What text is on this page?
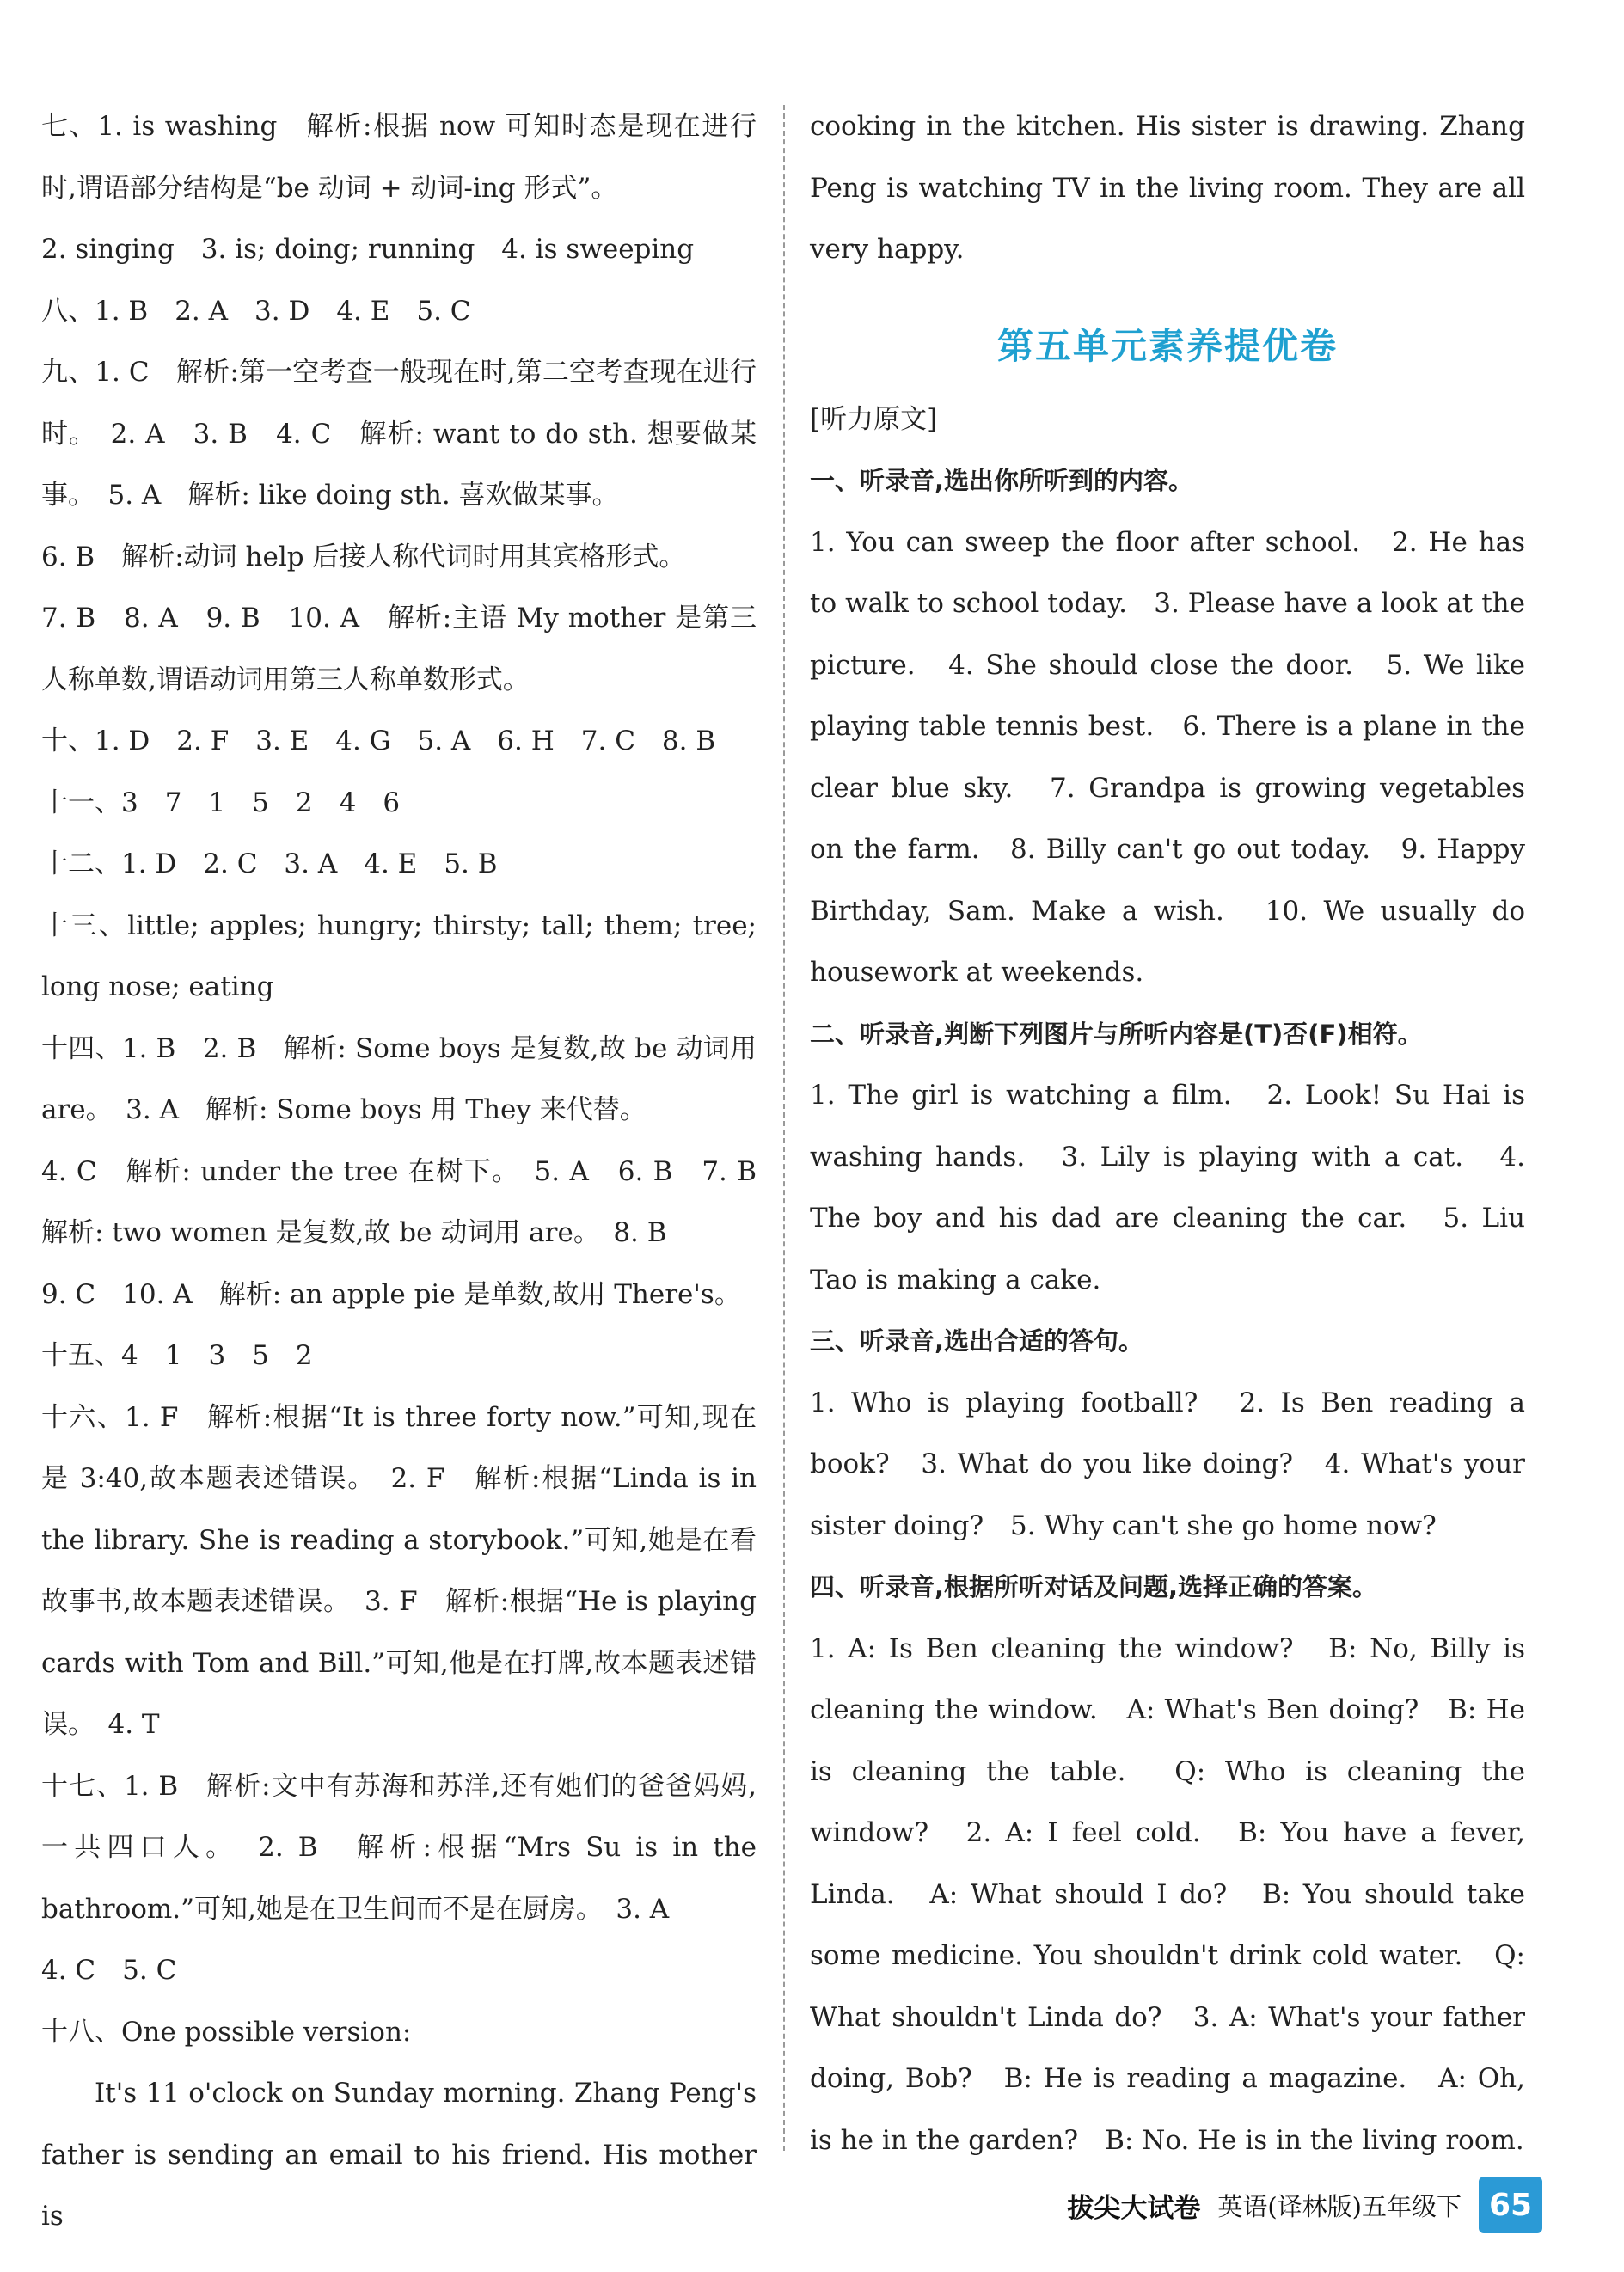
七、1. is washing　解析:根据 now 可知时态是现在进行时,谓语部分结构是“be 动词 + 动词-ing 形式”。
2. singing　3. is; doing; running　4. is sweeping
八、1. B　2. A　3. D　4. E　5. C
九、1. C　解析:第一空考查一般现在时,第二空考查现在进行时。　2. A　3. B　4. C　解析: want to do sth. 想要做某事。　5. A　解析: like doing sth. 喜欢做某事。
6. B　解析:动词 help 后接人称代词时用其宾格形式。
7. B　8. A　9. B　10. A　解析:主语 My mother 是第三人称单数,谓语动词用第三人称单数形式。
十、1. D　2. F　3. E　4. G　5. A　6. H　7. C　8. B
十一、3　7　1　5　2　4　6
十二、1. D　2. C　3. A　4. E　5. B
十三、little; apples; hungry; thirsty; tall; them; tree; long nose; eating
十四、1. B　2. B　解析: Some boys 是复数,故 be 动词用 are。　3. A　解析: Some boys 用 They 来代替。
4. C　解析: under the tree 在树下。　5. A　6. B　7. B　解析: two women 是复数,故 be 动词用 are。　8. B
9. C　10. A　解析: an apple pie 是单数,故用 There's。
十五、4　1　3　5　2
十六、1. F　解析:根据“It is three forty now.”可知,现在是 3:40,故本题表述错误。　2. F　解析:根据“Linda is in the library. She is reading a storybook.”可知,她是在看故事书,故本题表述错误。　3. F　解析:根据“He is playing cards with Tom and Bill.”可知,他是在打牌,故本题表述错误。　4. T
十七、1. B　解析:文中有苏海和苏洋,还有她们的爸爸妈妈,一共四口人。　2. B　解析:根据“Mrs Su is in the bathroom.”可知,她是在卫生间而不是在厨房。　3. A
4. C　5. C
十八、One possible version:
It's 11 o'clock on Sunday morning. Zhang Peng's father is sending an email to his friend. His mother is
cooking in the kitchen. His sister is drawing. Zhang Peng is watching TV in the living room. They are all very happy.
第五单元素养提优卷
[听力原文]
一、听录音,选出你所听到的内容。
1. You can sweep the floor after school.　2. He has to walk to school today.　3. Please have a look at the picture.　4. She should close the door.　5. We like playing table tennis best.　6. There is a plane in the clear blue sky.　7. Grandpa is growing vegetables on the farm.　8. Billy can't go out today.　9. Happy Birthday, Sam. Make a wish.　10. We usually do housework at weekends.
二、听录音,判断下列图片与所听内容是(T)否(F)相符。
1. The girl is watching a film.　2. Look! Su Hai is washing hands.　3. Lily is playing with a cat.　4. The boy and his dad are cleaning the car.　5. Liu Tao is making a cake.
三、听录音,选出合适的答句。
1. Who is playing football?　2. Is Ben reading a book?　3. What do you like doing?　4. What's your sister doing?　5. Why can't she go home now?
四、听录音,根据所听对话及问题,选择正确的答案。
1. A: Is Ben cleaning the window?　B: No, Billy is cleaning the window.　A: What's Ben doing?　B: He is cleaning the table.　Q: Who is cleaning the window?　2. A: I feel cold.　B: You have a fever, Linda.　A: What should I do?　B: You should take some medicine. You shouldn't drink cold water.　Q: What shouldn't Linda do?　3. A: What's your father doing, Bob?　B: He is reading a magazine.　A: Oh, is he in the garden?　B: No. He is in the living room.
拔尖大试卷 英语(译林版)五年级下 65
